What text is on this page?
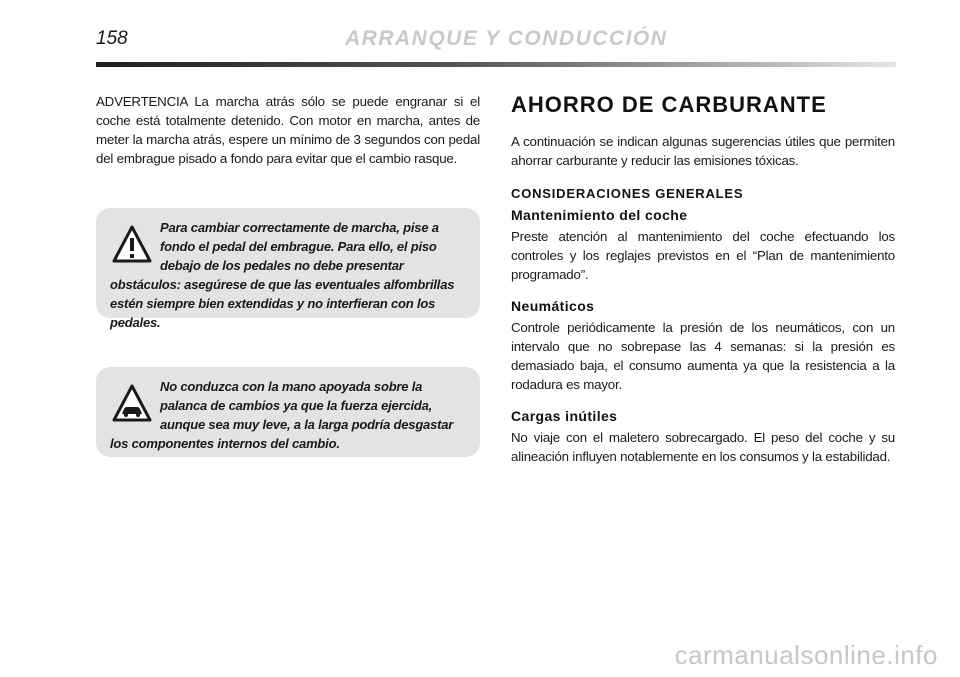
158	ARRANQUE Y CONDUCCIÓN

ADVERTENCIA La marcha atrás sólo se puede engranar si el coche está totalmente detenido. Con motor en marcha, antes de meter la marcha atrás, espere un mínimo de 3 segundos con pedal del embrague pisado a fondo para evitar que el cambio rasque.

Para cambiar correctamente de marcha, pise a fondo el pedal del embrague. Para ello, el piso debajo de los pedales no debe presentar obstáculos: asegúrese de que las eventuales alfombrillas estén siempre bien extendidas y no interfieran con los pedales.

No conduzca con la mano apoyada sobre la palanca de cambios ya que la fuerza ejercida, aunque sea muy leve, a la larga podría desgastar los componentes internos del cambio.

AHORRO DE CARBURANTE

A continuación se indican algunas sugerencias útiles que permiten ahorrar carburante y reducir las emisiones tóxicas.

CONSIDERACIONES GENERALES
Mantenimiento del coche

Preste atención al mantenimiento del coche efectuando los controles y los reglajes previstos en el “Plan de mantenimiento programado”.

Neumáticos

Controle periódicamente la presión de los neumáticos, con un intervalo que no sobrepase las 4 semanas: si la presión es demasiado baja, el consumo aumenta ya que la resistencia a la rodadura es mayor.

Cargas inútiles

No viaje con el maletero sobrecargado. El peso del coche y su alineación influyen notablemente en los consumos y la estabilidad.

carmanualsonline.info
